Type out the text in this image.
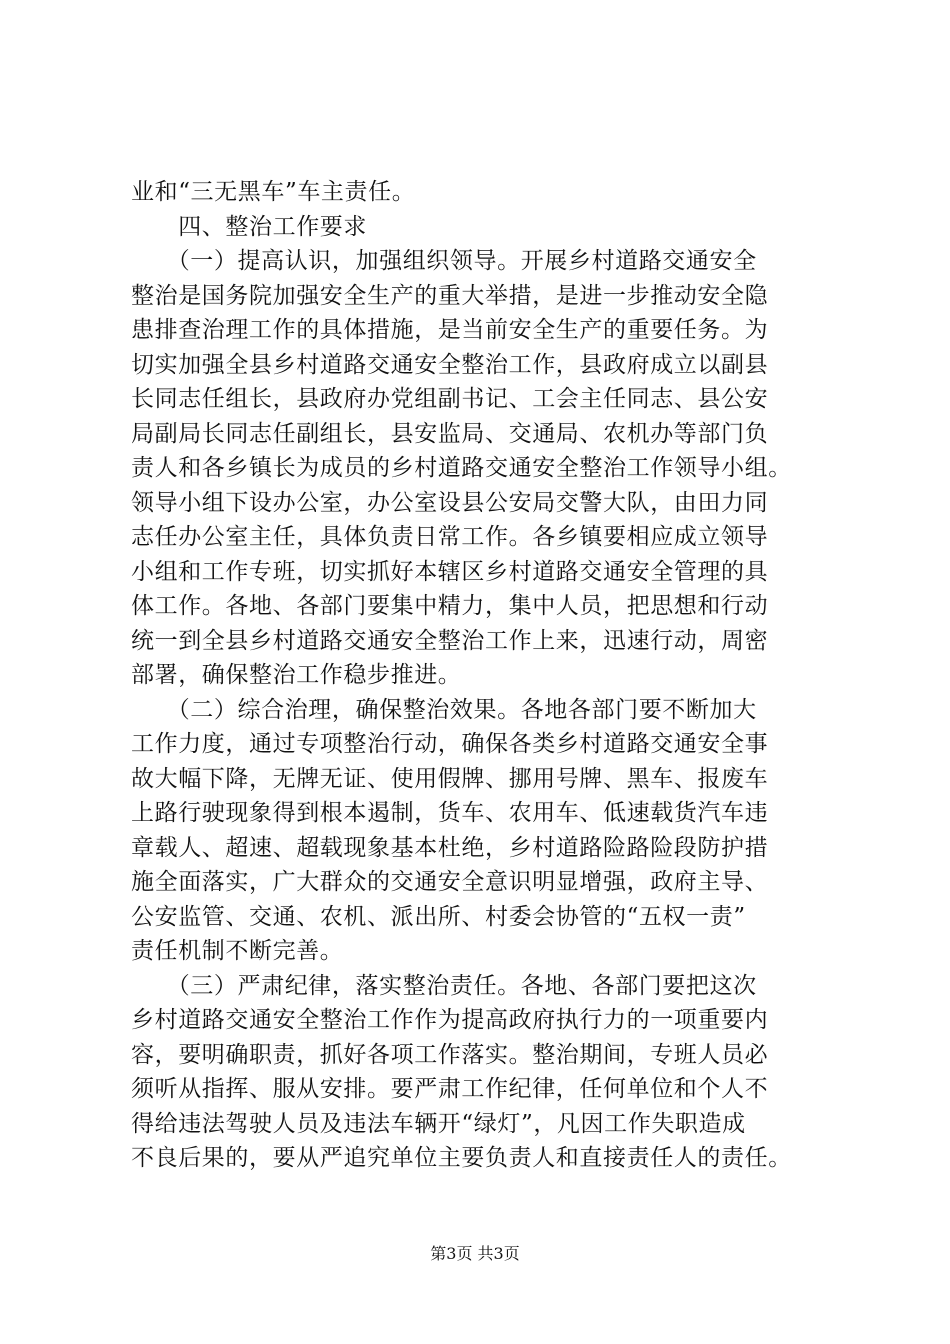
业和“三无黑车”车主责任。
　　四、整治工作要求
　　（一）提高认识，加强组织领导。开展乡村道路交通安全
整治是国务院加强安全生产的重大举措，是进一步推动安全隐
患排查治理工作的具体措施，是当前安全生产的重要任务。为
切实加强全县乡村道路交通安全整治工作，县政府成立以副县
长同志任组长，县政府办党组副书记、工会主任同志、县公安
局副局长同志任副组长，县安监局、交通局、农机办等部门负
责人和各乡镇长为成员的乡村道路交通安全整治工作领导小组。
领导小组下设办公室，办公室设县公安局交警大队，由田力同
志任办公室主任，具体负责日常工作。各乡镇要相应成立领导
小组和工作专班，切实抓好本辖区乡村道路交通安全管理的具
体工作。各地、各部门要集中精力，集中人员，把思想和行动
统一到全县乡村道路交通安全整治工作上来，迅速行动，周密
部署，确保整治工作稳步推进。
　　（二）综合治理，确保整治效果。各地各部门要不断加大
工作力度，通过专项整治行动，确保各类乡村道路交通安全事
故大幅下降，无牌无证、使用假牌、挪用号牌、黑车、报废车
上路行驶现象得到根本遏制，货车、农用车、低速载货汽车违
章载人、超速、超载现象基本杜绝，乡村道路险路险段防护措
施全面落实，广大群众的交通安全意识明显增强，政府主导、
公安监管、交通、农机、派出所、村委会协管的“五权一责”
责任机制不断完善。
　　（三）严肃纪律，落实整治责任。各地、各部门要把这次
乡村道路交通安全整治工作作为提高政府执行力的一项重要内
容，要明确职责，抓好各项工作落实。整治期间，专班人员必
须听从指挥、服从安排。要严肃工作纪律，任何单位和个人不
得给违法驾驶人员及违法车辆开“绿灯”，凡因工作失职造成
不良后果的，要从严追究单位主要负责人和直接责任人的责任。
第3页 共3页
